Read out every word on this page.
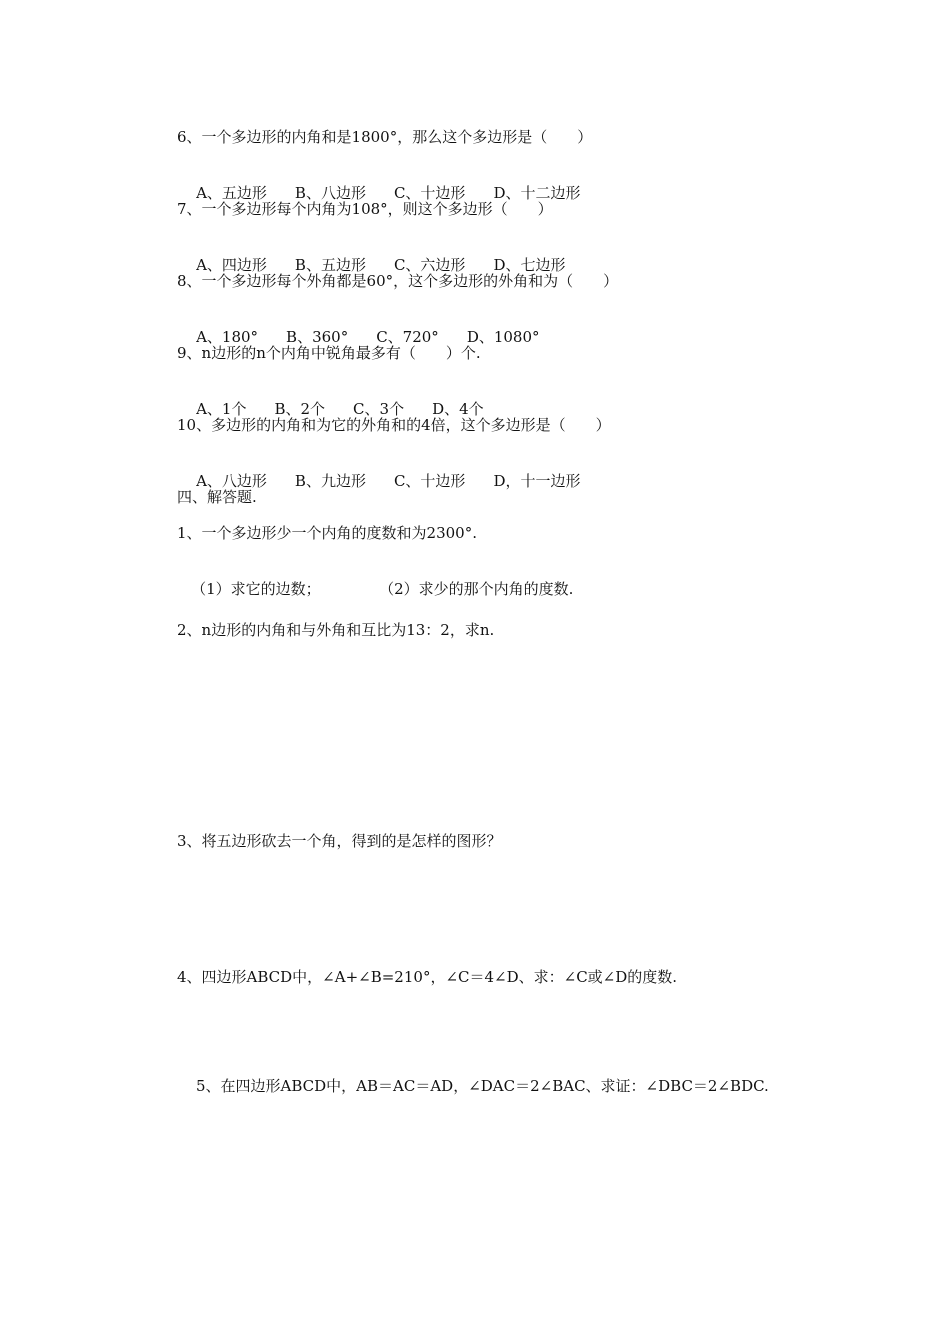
6、一个多边形的内角和是1800°，那么这个多边形是（　　）

A、五边形 B、八边形 C、十边形 D、十二边形

7、一个多边形每个内角为108°，则这个多边形（　　）

A、四边形 B、五边形 C、六边形 D、七边形

8、一个多边形每个外角都是60°，这个多边形的外角和为（　　）

A、180° B、360° C、720° D、1080°

9、n边形的n个内角中锐角最多有（　　）个.

A、1个 B、2个 C、3个 D、4个

10、多边形的内角和为它的外角和的4倍，这个多边形是（　　）

A、八边形 B、九边形 C、十边形 D，十一边形

四、解答题.
1、一个多边形少一个内角的度数和为2300°.

（1）求它的边数；	（2）求少的那个内角的度数.

2、n边形的内角和与外角和互比为13：2，求n.
3、将五边形砍去一个角，得到的是怎样的图形？
4、四边形ABCD中，∠A+∠B=210°，∠C＝4∠D、求：∠C或∠D的度数.
5、在四边形ABCD中，AB＝AC＝AD，∠DAC＝2∠BAC、求证：∠DBC＝2∠BDC.
